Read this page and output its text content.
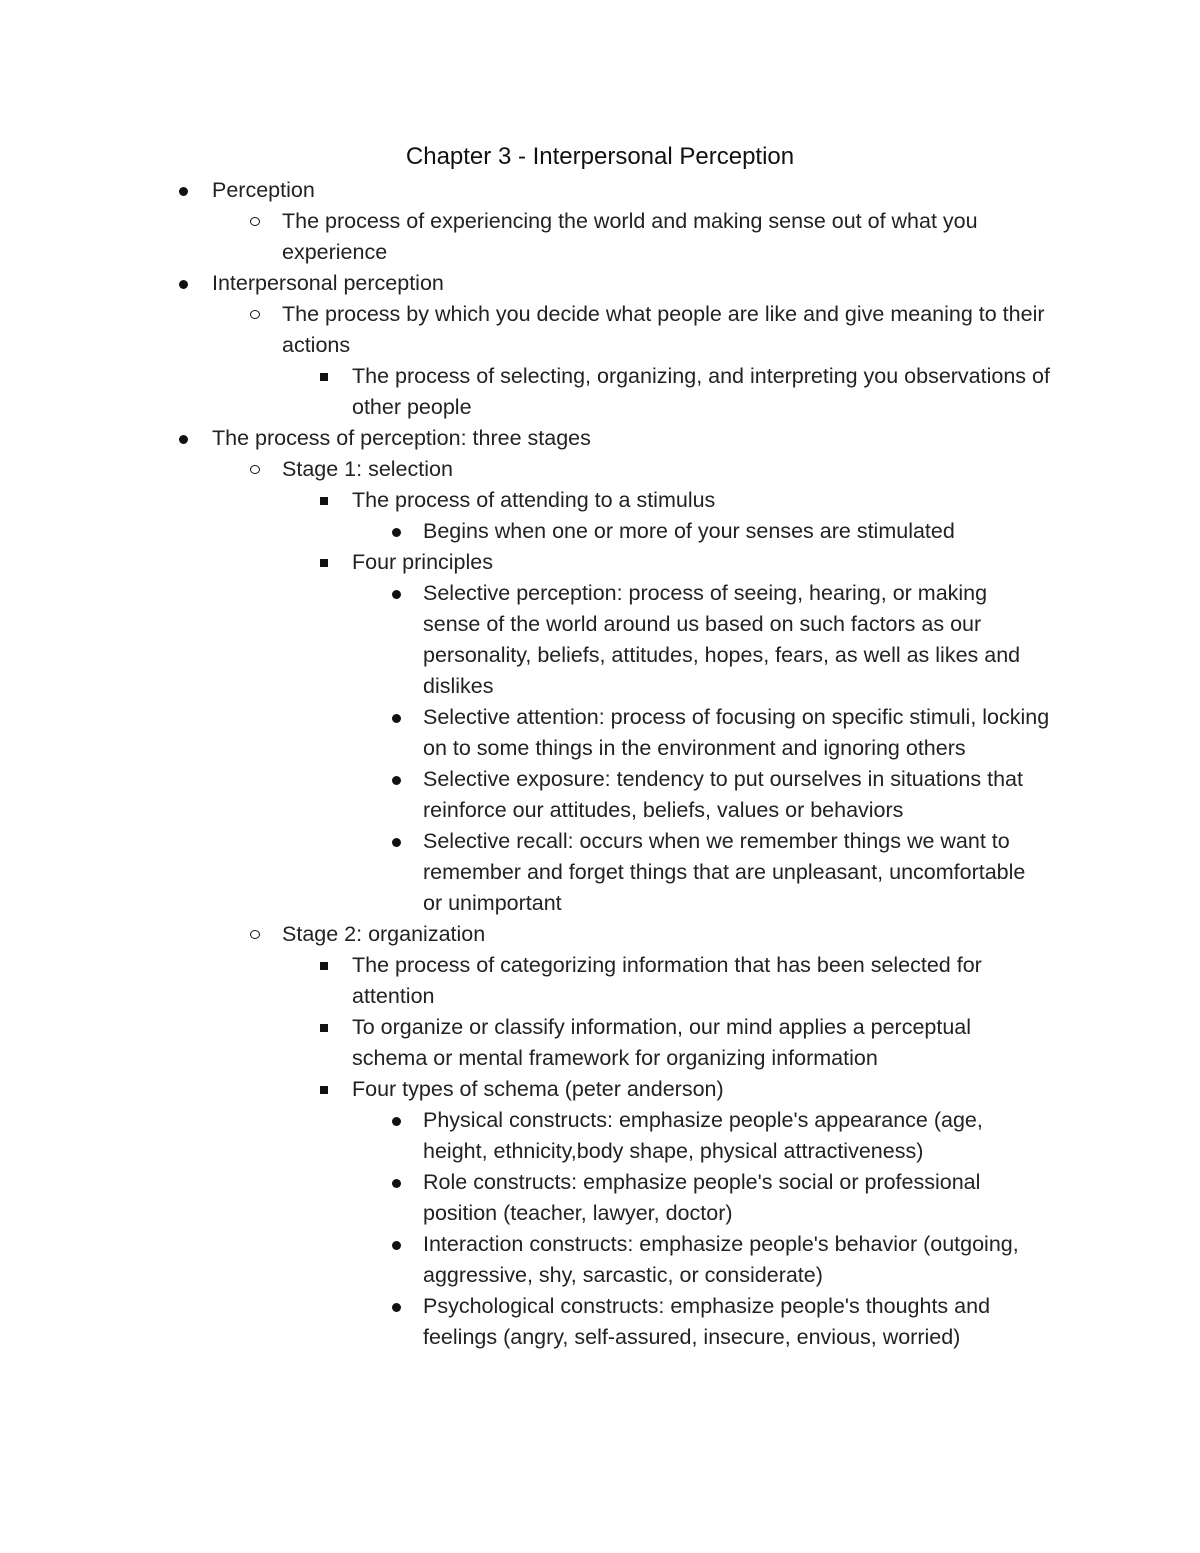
Chapter 3 - Interpersonal Perception
Perception
The process of experiencing the world and making sense out of what you experience
Interpersonal perception
The process by which you decide what people are like and give meaning to their actions
The process of selecting, organizing, and interpreting you observations of other people
The process of perception: three stages
Stage 1: selection
The process of attending to a stimulus
Begins when one or more of your senses are stimulated
Four principles
Selective perception: process of seeing, hearing, or making sense of the world around us based on such factors as our personality, beliefs, attitudes, hopes, fears, as well as likes and dislikes
Selective attention: process of focusing on specific stimuli, locking on to some things in the environment and ignoring others
Selective exposure: tendency to put ourselves in situations that reinforce our attitudes, beliefs, values or behaviors
Selective recall: occurs when we remember things we want to remember and forget things that are unpleasant, uncomfortable or unimportant
Stage 2: organization
The process of categorizing information that has been selected for attention
To organize or classify information, our mind applies a perceptual schema or mental framework for organizing information
Four types of schema (peter anderson)
Physical constructs: emphasize people's appearance (age, height, ethnicity,body shape, physical attractiveness)
Role constructs: emphasize people's social or professional position (teacher, lawyer, doctor)
Interaction constructs: emphasize people's behavior (outgoing, aggressive, shy, sarcastic, or considerate)
Psychological constructs: emphasize people's thoughts and feelings (angry, self-assured, insecure, envious, worried)
